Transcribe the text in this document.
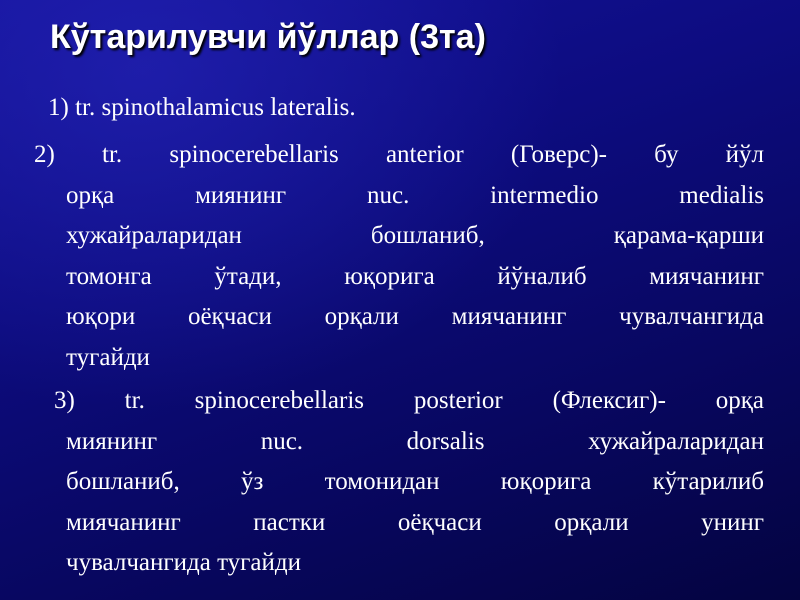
Кўтарилувчи йўллар (3та)
1) tr. spinothalamicus lateralis.
2) tr. spinocerebellaris anterior (Говерс)- бу йўл
орқа миянинг nuc. intermedio medialis
хужайраларидан бошланиб, қарама-қарши
томонга ўтади, юқорига йўналиб миячанинг
юқори оёқчаси орқали миячанинг чувалчангида
тугайди
3) tr. spinocerebellaris posterior (Флексиг)- орқа
миянинг nuc. dorsalis хужайраларидан
бошланиб, ўз томонидан юқорига кўтарилиб
миячанинг пастки оёқчаси орқали унинг
чувалчангида тугайди
